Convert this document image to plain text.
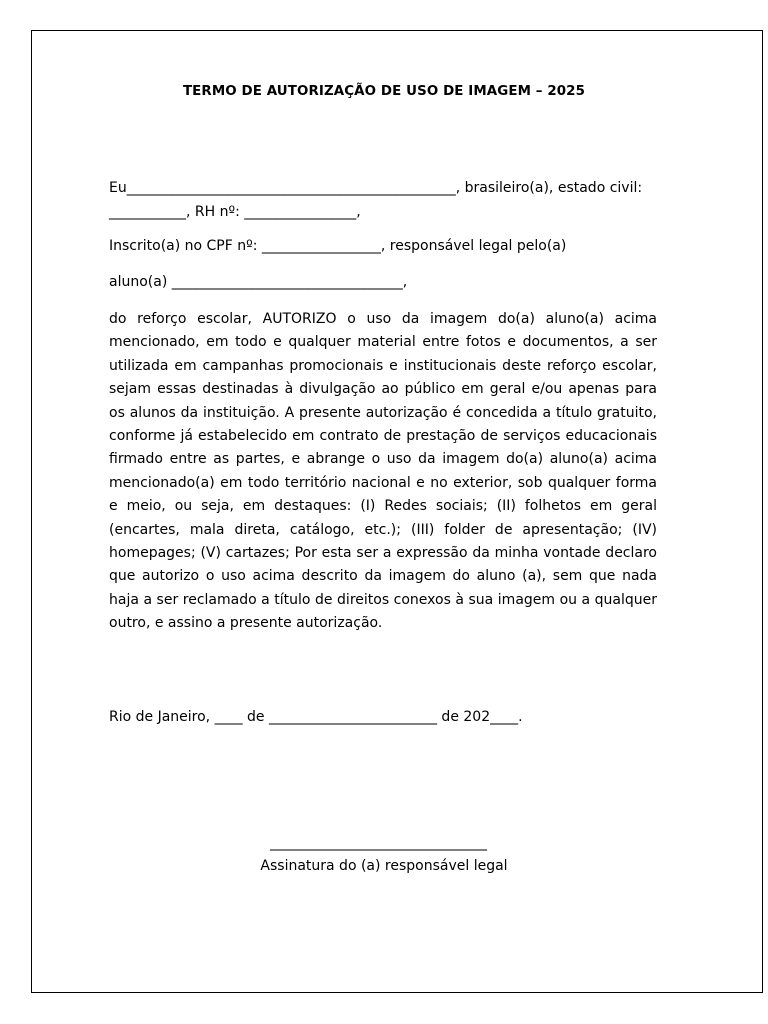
TERMO DE AUTORIZAÇÃO DE USO DE IMAGEM – 2025
Eu_______________________________________________, brasileiro(a), estado civil:
___________, RH nº: ________________,
Inscrito(a) no CPF nº: _________________, responsável legal pelo(a)
aluno(a) _________________________________,
do reforço escolar, AUTORIZO o uso da imagem do(a) aluno(a) acima mencionado, em todo e qualquer material entre fotos e documentos, a ser utilizada em campanhas promocionais e institucionais deste reforço escolar, sejam essas destinadas à divulgação ao público em geral e/ou apenas para os alunos da instituição. A presente autorização é concedida a título gratuito, conforme já estabelecido em contrato de prestação de serviços educacionais firmado entre as partes, e abrange o uso da imagem do(a) aluno(a) acima mencionado(a) em todo território nacional e no exterior, sob qualquer forma e meio, ou seja, em destaques: (I) Redes sociais; (II) folhetos em geral (encartes, mala direta, catálogo, etc.); (III) folder de apresentação; (IV) homepages; (V) cartazes; Por esta ser a expressão da minha vontade declaro que autorizo o uso acima descrito da imagem do aluno (a), sem que nada haja a ser reclamado a título de direitos conexos à sua imagem ou a qualquer outro, e assino a presente autorização.
Rio de Janeiro, ____ de ________________________ de 202____.
_______________________________
Assinatura do (a) responsável legal
